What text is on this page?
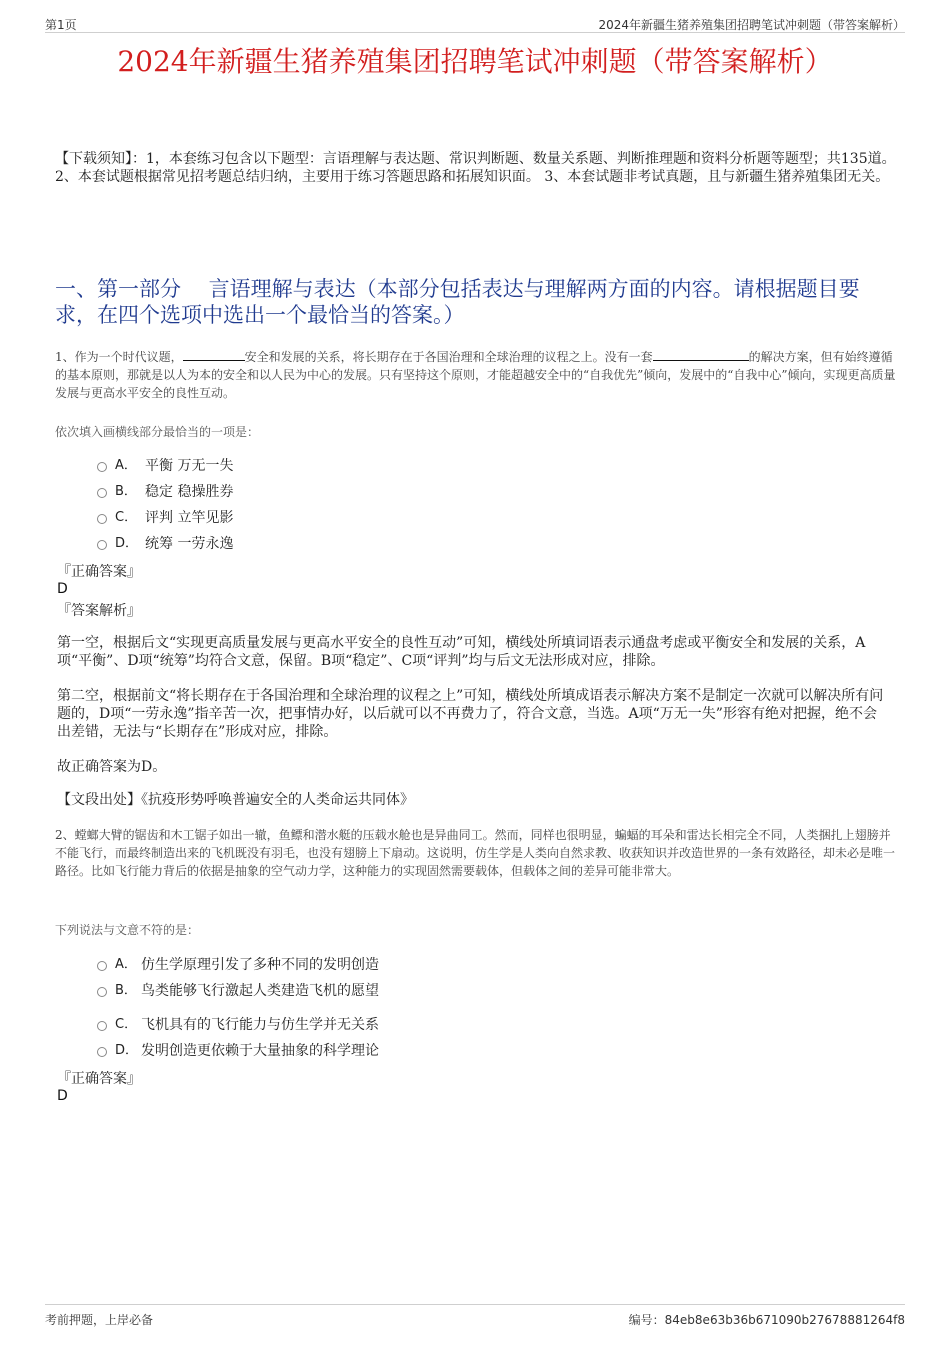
第1页	2024年新疆生猪养殖集团招聘笔试冲刺题（带答案解析）
2024年新疆生猪养殖集团招聘笔试冲刺题（带答案解析）
【下载须知】：1，本套练习包含以下题型：言语理解与表达题、常识判断题、数量关系题、判断推理题和资料分析题等题型；共135道。 2、本套试题根据常见招考题总结归纳，主要用于练习答题思路和拓展知识面。 3、本套试题非考试真题，且与新疆生猪养殖集团无关。
一、第一部分　 言语理解与表达（本部分包括表达与理解两方面的内容。请根据题目要求，在四个选项中选出一个最恰当的答案。）
1、作为一个时代议题，	安全和发展的关系，将长期存在于各国治理和全球治理的议程之上。没有一套	的解决方案，但有始终遵循的基本原则，那就是以人为本的安全和以人民为中心的发展。只有坚持这个原则，才能超越安全中的“自我优先”倾向，发展中的“自我中心”倾向，实现更高质量发展与更高水平安全的良性互动。
依次填入画横线部分最恰当的一项是：
A． 平衡 万无一失
B． 稳定 稳操胜券
C． 评判 立竿见影
D． 统筹 一劳永逸
『正确答案』
D
『答案解析』
第一空，根据后文“实现更高质量发展与更高水平安全的良性互动”可知，横线处所填词语表示通盘考虑或平衡安全和发展的关系，A项“平衡”、D项“统筹”均符合文意，保留。B项“稳定”、C项“评判”均与后文无法形成对应，排除。
第二空，根据前文“将长期存在于各国治理和全球治理的议程之上”可知，横线处所填成语表示解决方案不是制定一次就可以解决所有问题的，D项“一劳永逸”指辛苦一次，把事情办好，以后就可以不再费力了，符合文意，当选。A项“万无一失”形容有绝对把握，绝不会出差错，无法与“长期存在”形成对应，排除。
故正确答案为D。
【文段出处】《抗疫形势呼唤普遍安全的人类命运共同体》
2、螳螂大臂的锯齿和木工锯子如出一辙，鱼鳔和潜水艇的压载水舱也是异曲同工。然而，同样也很明显，蝙蝠的耳朵和雷达长相完全不同，人类捆扎上翅膀并不能飞行，而最终制造出来的飞机既没有羽毛，也没有翅膀上下扇动。这说明，仿生学是人类向自然求教、收获知识并改造世界的一条有效路径，却未必是唯一路径。比如飞行能力背后的依据是抽象的空气动力学，这种能力的实现固然需要载体，但载体之间的差异可能非常大。
下列说法与文意不符的是：
A． 仿生学原理引发了多种不同的发明创造
B． 鸟类能够飞行激起人类建造飞机的愿望
C． 飞机具有的飞行能力与仿生学并无关系
D． 发明创造更依赖于大量抽象的科学理论
『正确答案』
D
考前押题，上岸必备	编号：84eb8e63b36b671090b27678881264f8
